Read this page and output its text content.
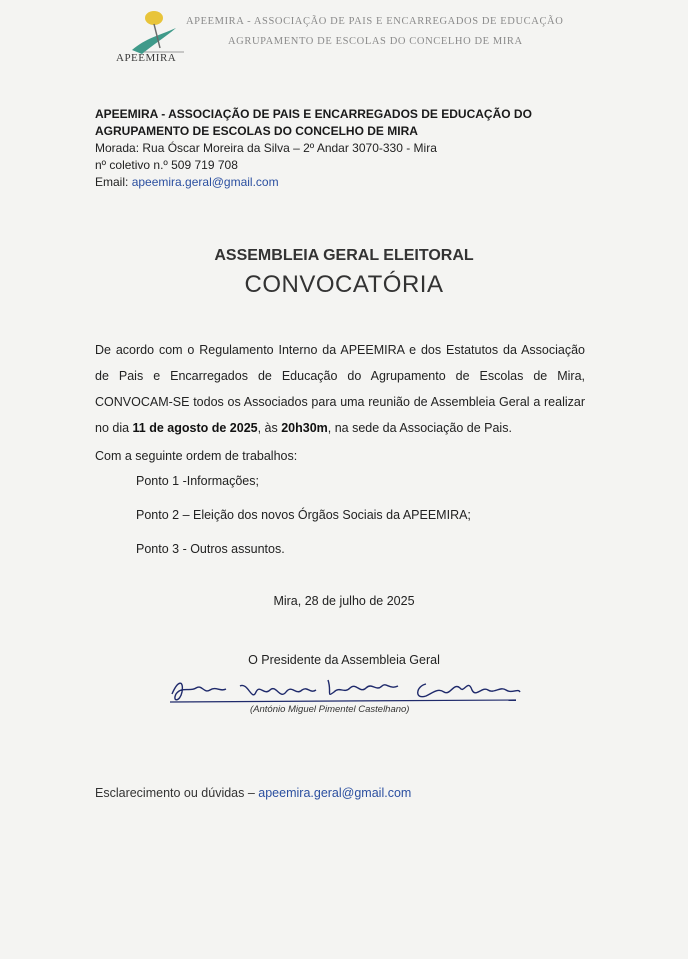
APEEMIRA
APEEMIRA - ASSOCIAÇÃO DE PAIS E ENCARREGADOS DE EDUCAÇÃO
AGRUPAMENTO DE ESCOLAS DO CONCELHO DE MIRA
APEEMIRA - ASSOCIAÇÃO DE PAIS E ENCARREGADOS DE EDUCAÇÃO DO
AGRUPAMENTO DE ESCOLAS DO CONCELHO DE MIRA
Morada: Rua Óscar Moreira da Silva – 2º Andar 3070-330 - Mira
nº coletivo n.º 509 719 708
Email: apeemira.geral@gmail.com
ASSEMBLEIA GERAL ELEITORAL
CONVOCATÓRIA
De acordo com o Regulamento Interno da APEEMIRA e dos Estatutos da Associação de Pais e Encarregados de Educação do Agrupamento de Escolas de Mira, CONVOCAM-SE todos os Associados para uma reunião de Assembleia Geral a realizar no dia 11 de agosto de 2025, às 20h30m, na sede da Associação de Pais.
Com a seguinte ordem de trabalhos:
Ponto 1 -Informações;
Ponto 2 – Eleição dos novos Órgãos Sociais da APEEMIRA;
Ponto 3 - Outros assuntos.
Mira, 28 de julho de 2025
O Presidente da Assembleia Geral
(António Miguel Pimentel Castelhano)
Esclarecimento ou dúvidas – apeemira.geral@gmail.com
